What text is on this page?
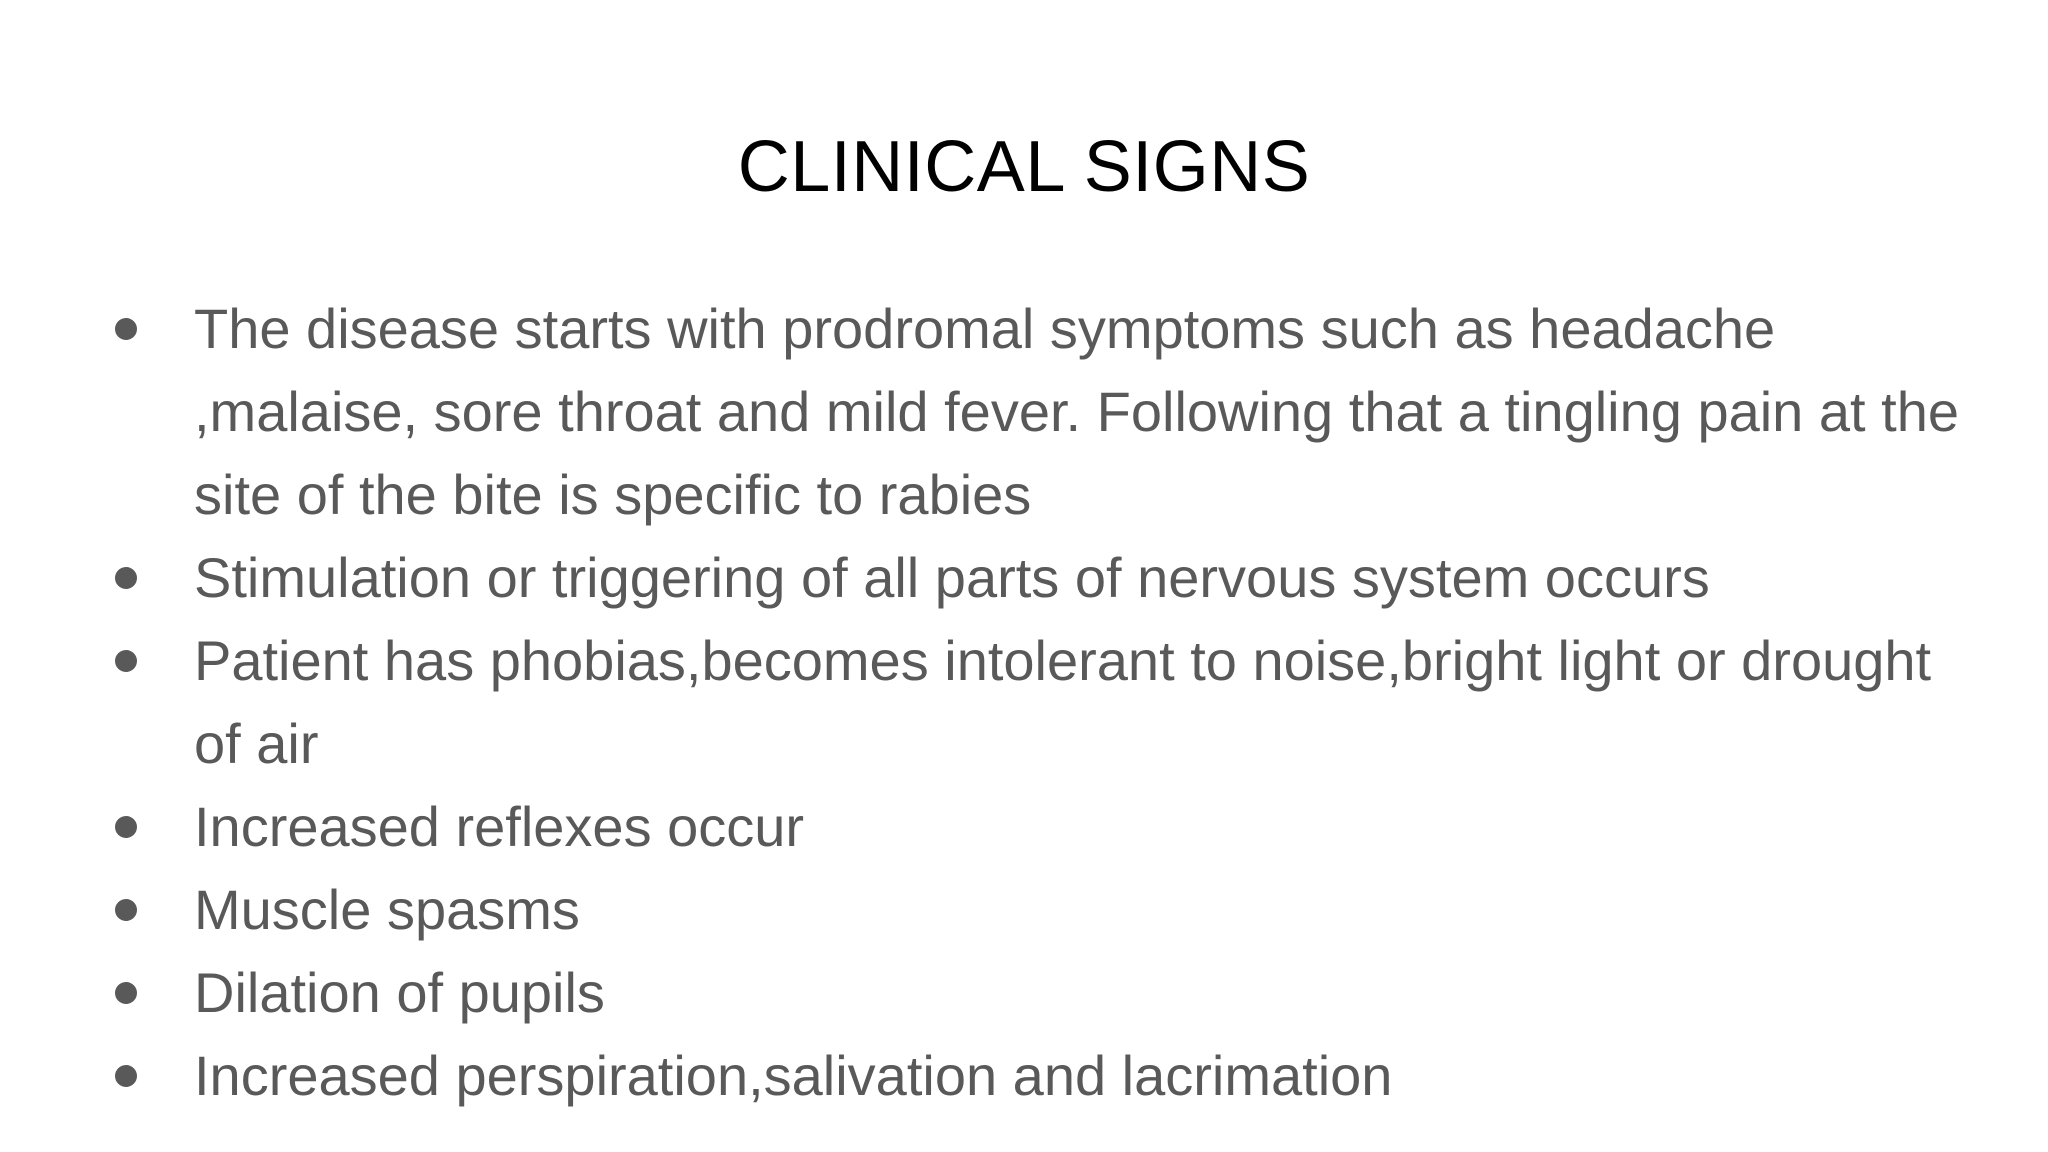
CLINICAL SIGNS
The disease starts with prodromal symptoms such as headache ,malaise, sore throat and mild fever. Following that a tingling pain at the site of the bite is specific to rabies
Stimulation or triggering of all parts of nervous system occurs
Patient has phobias,becomes intolerant to noise,bright light or drought of air
Increased reflexes occur
Muscle spasms
Dilation of pupils
Increased perspiration,salivation and lacrimation
